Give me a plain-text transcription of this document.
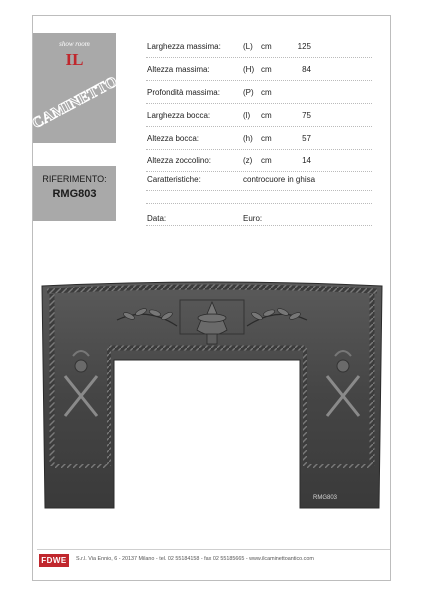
show room
IL
CAMINETTO
RIFERIMENTO:
RMG803
Larghezza massima:	(L) cm	125
Altezza massima:	(H) cm	84
Profondità massima:	(P) cm
Larghezza bocca:	(l) cm	75
Altezza bocca:	(h) cm	57
Altezza zoccolino:	(z) cm	14
Caratteristiche:	controcuore in ghisa
Data:	Euro:
RMG803
FDWE	S.r.l. Via Ennio, 6 - 20137 Milano - tel. 02 55184158 - fax 02 55185665 - www.ilcaminettoantico.com
